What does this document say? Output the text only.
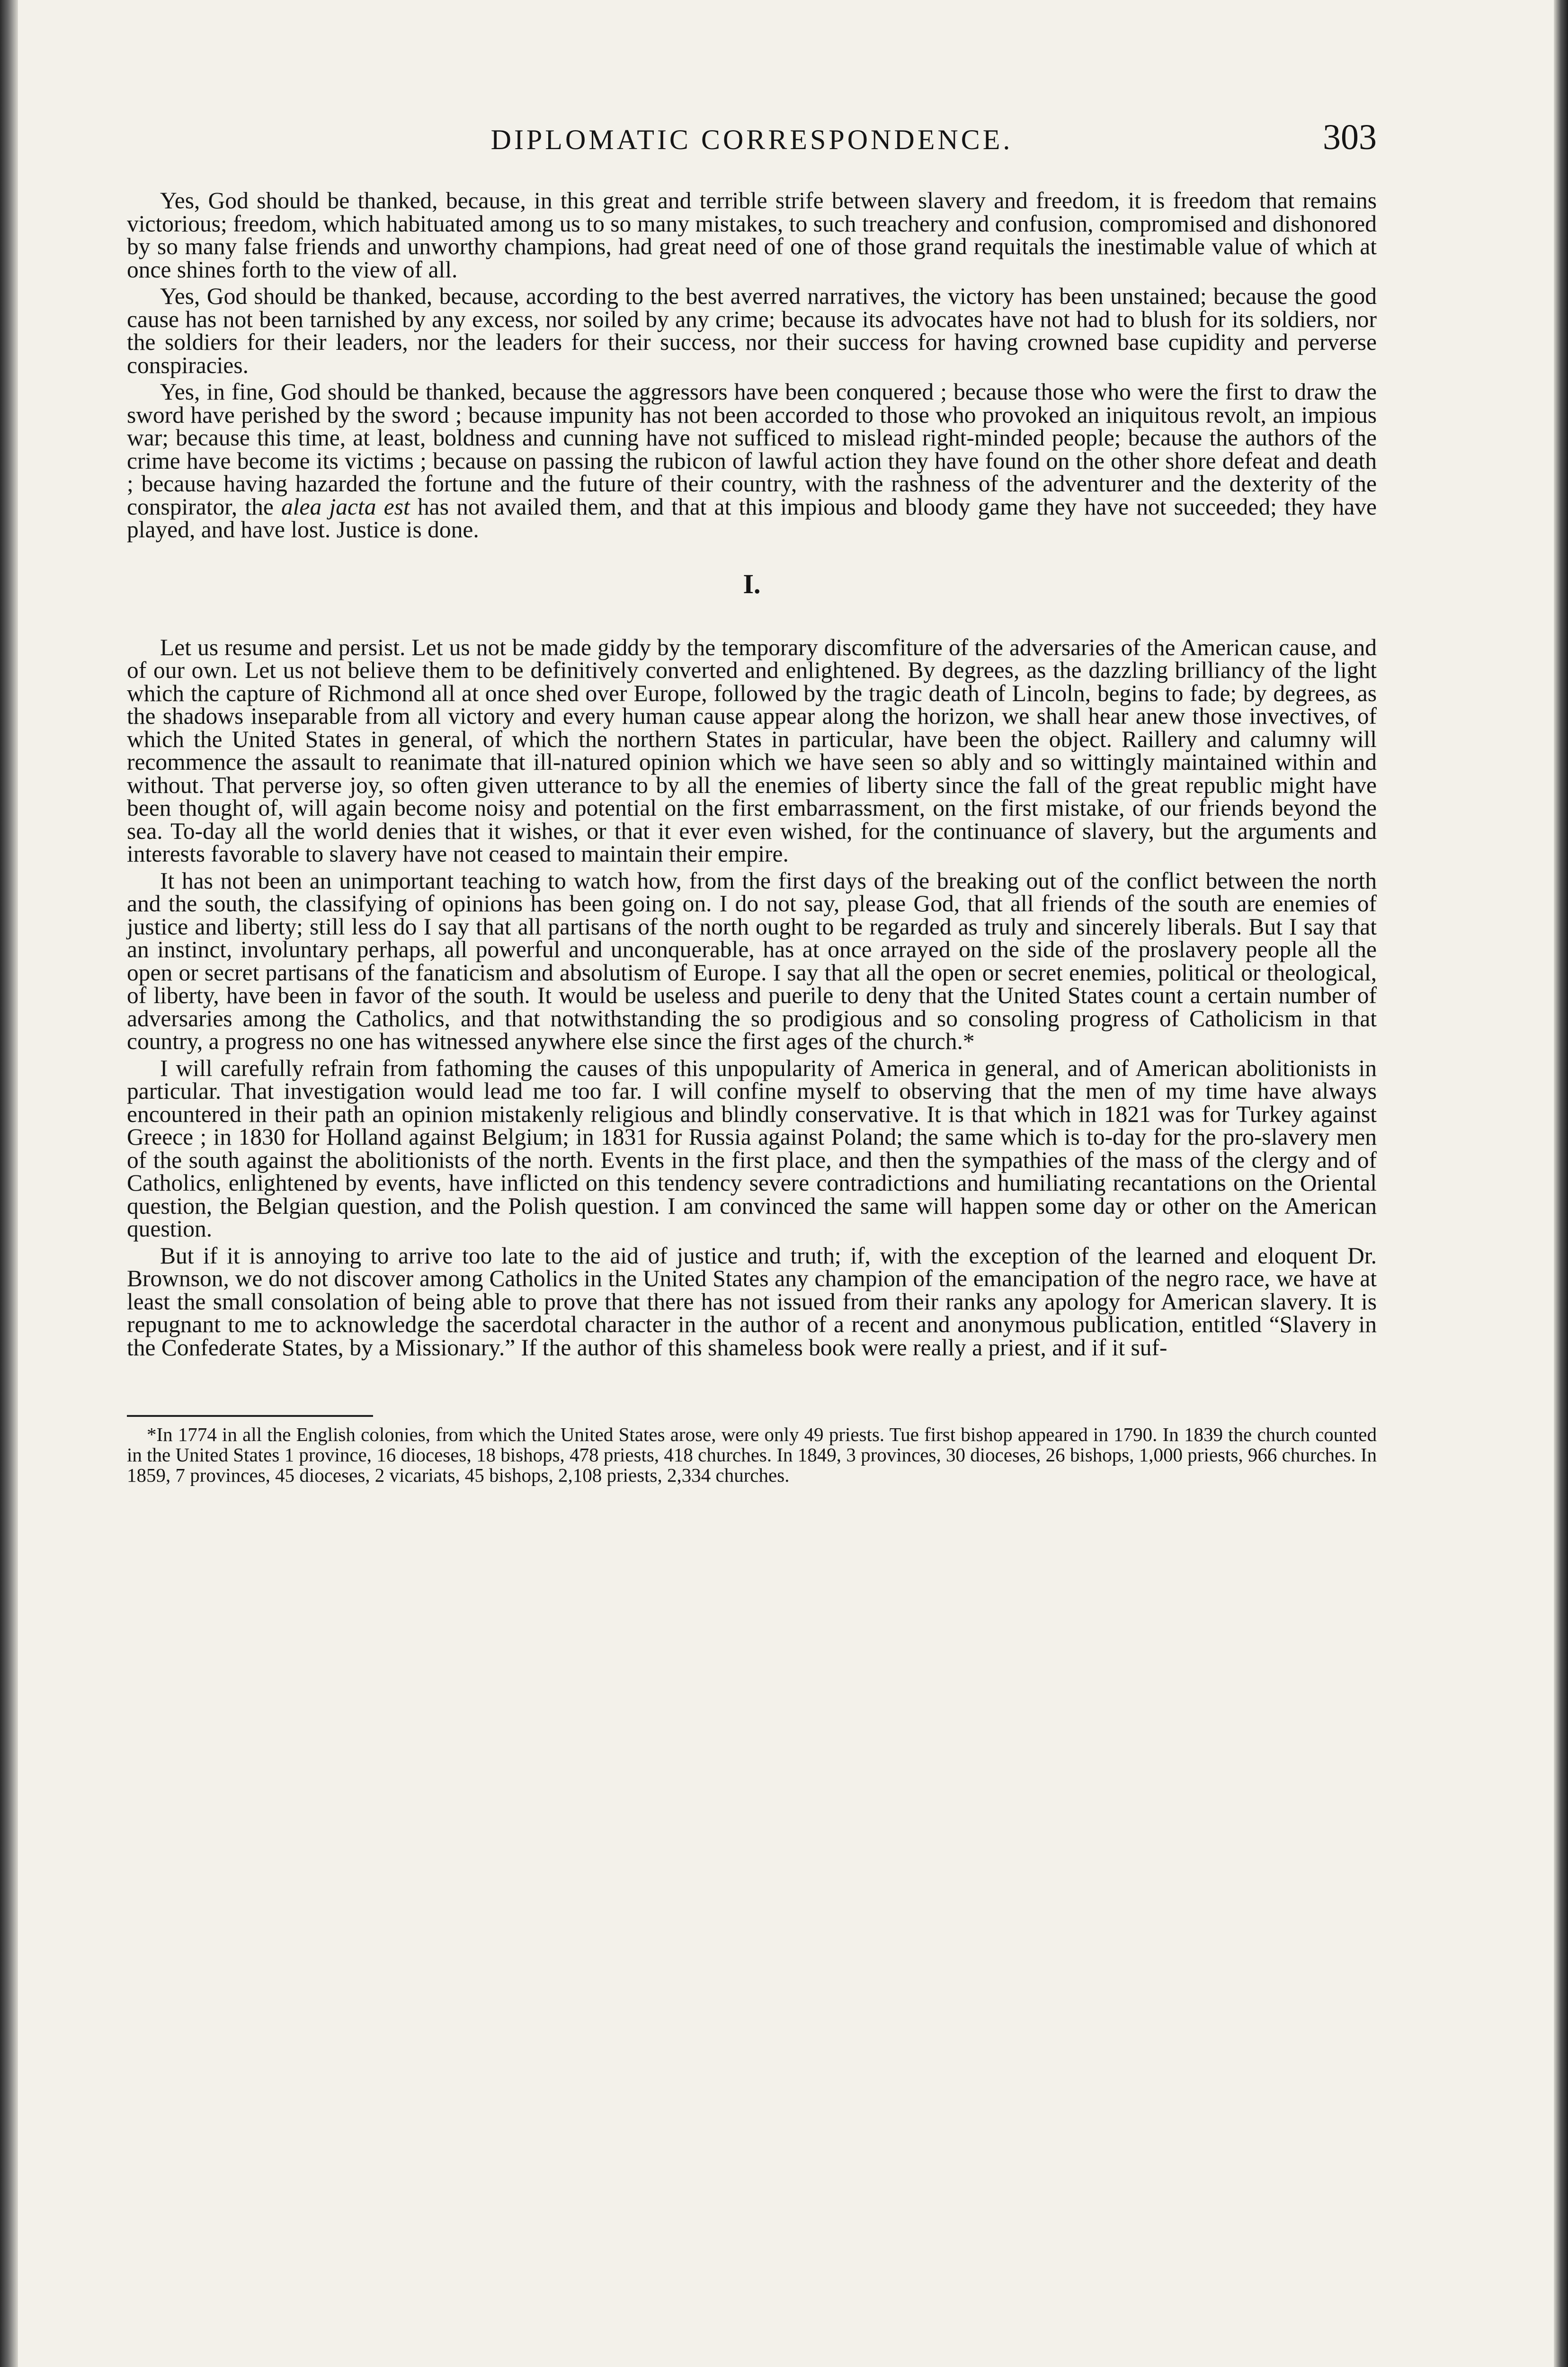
DIPLOMATIC CORRESPONDENCE.	303

Yes, God should be thanked, because, in this great and terrible strife between slavery and freedom, it is freedom that remains victorious; freedom, which habituated among us to so many mistakes, to such treachery and confusion, compromised and dishonored by so many false friends and unworthy champions, had great need of one of those grand requitals the inestimable value of which at once shines forth to the view of all.

Yes, God should be thanked, because, according to the best averred narratives, the victory has been unstained; because the good cause has not been tarnished by any excess, nor soiled by any crime; because its advocates have not had to blush for its soldiers, nor the soldiers for their leaders, nor the leaders for their success, nor their success for having crowned base cupidity and perverse conspiracies.

Yes, in fine, God should be thanked, because the aggressors have been conquered ; because those who were the first to draw the sword have perished by the sword ; because impunity has not been accorded to those who provoked an iniquitous revolt, an impious war; because this time, at least, boldness and cunning have not sufficed to mislead right-minded people; because the authors of the crime have become its victims ; because on passing the rubicon of lawful action they have found on the other shore defeat and death ; because having hazarded the fortune and the future of their country, with the rashness of the adventurer and the dexterity of the conspirator, the alea jacta est has not availed them, and that at this impious and bloody game they have not succeeded; they have played, and have lost. Justice is done.

I.

Let us resume and persist. Let us not be made giddy by the temporary discomfiture of the adversaries of the American cause, and of our own. Let us not believe them to be definitively converted and enlightened. By degrees, as the dazzling brilliancy of the light which the capture of Richmond all at once shed over Europe, followed by the tragic death of Lincoln, begins to fade; by degrees, as the shadows inseparable from all victory and every human cause appear along the horizon, we shall hear anew those invectives, of which the United States in general, of which the northern States in particular, have been the object. Raillery and calumny will recommence the assault to reanimate that ill-natured opinion which we have seen so ably and so wittingly maintained within and without. That perverse joy, so often given utterance to by all the enemies of liberty since the fall of the great republic might have been thought of, will again become noisy and potential on the first embarrassment, on the first mistake, of our friends beyond the sea. To-day all the world denies that it wishes, or that it ever even wished, for the continuance of slavery, but the arguments and interests favorable to slavery have not ceased to maintain their empire.

It has not been an unimportant teaching to watch how, from the first days of the breaking out of the conflict between the north and the south, the classifying of opinions has been going on. I do not say, please God, that all friends of the south are enemies of justice and liberty; still less do I say that all partisans of the north ought to be regarded as truly and sincerely liberals. But I say that an instinct, involuntary perhaps, all powerful and unconquerable, has at once arrayed on the side of the proslavery people all the open or secret partisans of the fanaticism and absolutism of Europe. I say that all the open or secret enemies, political or theological, of liberty, have been in favor of the south. It would be useless and puerile to deny that the United States count a certain number of adversaries among the Catholics, and that notwithstanding the so prodigious and so consoling progress of Catholicism in that country, a progress no one has witnessed anywhere else since the first ages of the church.*

I will carefully refrain from fathoming the causes of this unpopularity of America in general, and of American abolitionists in particular. That investigation would lead me too far. I will confine myself to observing that the men of my time have always encountered in their path an opinion mistakenly religious and blindly conservative. It is that which in 1821 was for Turkey against Greece ; in 1830 for Holland against Belgium; in 1831 for Russia against Poland; the same which is to-day for the pro-slavery men of the south against the abolitionists of the north. Events in the first place, and then the sympathies of the mass of the clergy and of Catholics, enlightened by events, have inflicted on this tendency severe contradictions and humiliating recantations on the Oriental question, the Belgian question, and the Polish question. I am convinced the same will happen some day or other on the American question.

But if it is annoying to arrive too late to the aid of justice and truth; if, with the exception of the learned and eloquent Dr. Brownson, we do not discover among Catholics in the United States any champion of the emancipation of the negro race, we have at least the small consolation of being able to prove that there has not issued from their ranks any apology for American slavery. It is repugnant to me to acknowledge the sacerdotal character in the author of a recent and anonymous publication, entitled “Slavery in the Confederate States, by a Missionary.” If the author of this shameless book were really a priest, and if it suf-

*In 1774 in all the English colonies, from which the United States arose, were only 49 priests. Tue first bishop appeared in 1790. In 1839 the church counted in the United States 1 province, 16 dioceses, 18 bishops, 478 priests, 418 churches. In 1849, 3 provinces, 30 dioceses, 26 bishops, 1,000 priests, 966 churches. In 1859, 7 provinces, 45 dioceses, 2 vicariats, 45 bishops, 2,108 priests, 2,334 churches.
